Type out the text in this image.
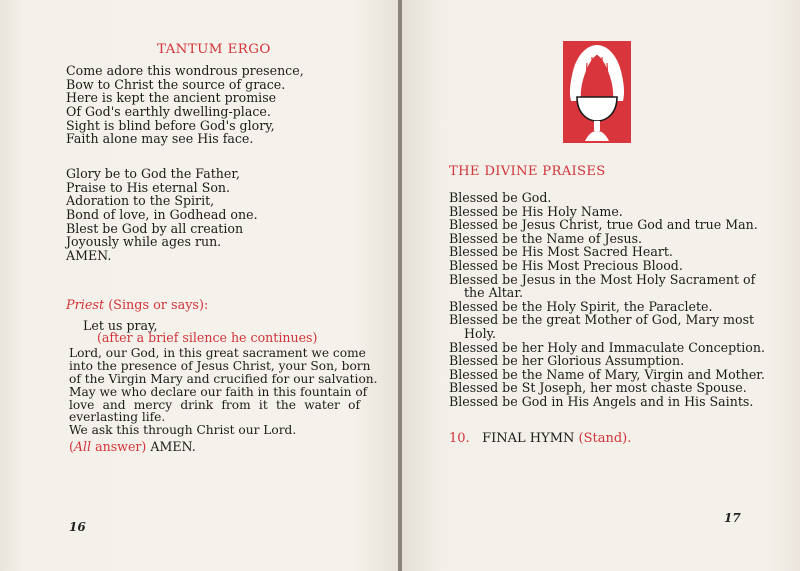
TANTUM ERGO
Come adore this wondrous presence,
Bow to Christ the source of grace.
Here is kept the ancient promise
Of God's earthly dwelling-place.
Sight is blind before God's glory,
Faith alone may see His face.
Glory be to God the Father,
Praise to His eternal Son.
Adoration to the Spirit,
Bond of love, in Godhead one.
Blest be God by all creation
Joyously while ages run.
AMEN.
Priest (Sings or says):
Let us pray,
(after a brief silence he continues)
Lord, our God, in this great sacrament we come
into the presence of Jesus Christ, your Son, born
of the Virgin Mary and crucified for our salvation.
May we who declare our faith in this fountain of
love and mercy drink from it the water of
everlasting life.
We ask this through Christ our Lord.
(All answer) AMEN.
16
17
THE DIVINE PRAISES
Blessed be God.
Blessed be His Holy Name.
Blessed be Jesus Christ, true God and true Man.
Blessed be the Name of Jesus.
Blessed be His Most Sacred Heart.
Blessed be His Most Precious Blood.
Blessed be Jesus in the Most Holy Sacrament of
the Altar.
Blessed be the Holy Spirit, the Paraclete.
Blessed be the great Mother of God, Mary most
Holy.
Blessed be her Holy and Immaculate Conception.
Blessed be her Glorious Assumption.
Blessed be the Name of Mary, Virgin and Mother.
Blessed be St Joseph, her most chaste Spouse.
Blessed be God in His Angels and in His Saints.
10. FINAL HYMN (Stand).
